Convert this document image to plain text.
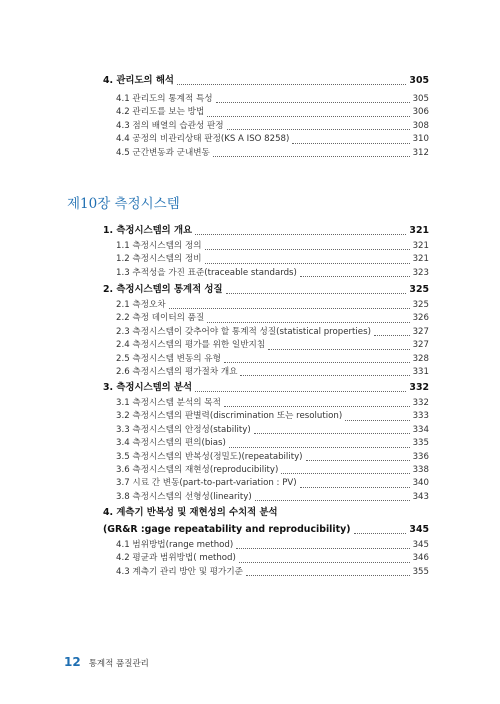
4. 관리도의 해석	305
4.1 관리도의 통계적 특성	305
4.2 관리도를 보는 방법	306
4.3 점의 배열의 습관성 판정	308
4.4 공정의 비관리상태 판정(KS A ISO 8258)	310
4.5 군간변동과 군내변동	312
제10장 측정시스템
1. 측정시스템의 개요	321
1.1 측정시스템의 정의	321
1.2 측정시스템의 정비	321
1.3 추적성을 가진 표준(traceable standards)	323
2. 측정시스템의 통계적 성질	325
2.1 측정오차	325
2.2 측정 데이터의 품질	326
2.3 측정시스템이 갖추어야 할 통계적 성질(statistical properties)	327
2.4 측정시스템의 평가를 위한 일반지침	327
2.5 측정시스템 변동의 유형	328
2.6 측정시스템의 평가절차 개요	331
3. 측정시스템의 분석	332
3.1 측정시스템 분석의 목적	332
3.2 측정시스템의 판별력(discrimination 또는 resolution)	333
3.3 측정시스템의 안정성(stability)	334
3.4 측정시스템의 편의(bias)	335
3.5 측정시스템의 반복성(정밀도)(repeatability)	336
3.6 측정시스템의 재현성(reproducibility)	338
3.7 시료 간 변동(part-to-part-variation : PV)	340
3.8 측정시스템의 선형성(linearity)	343
4. 계측기 반복성 및 재현성의 수치적 분석
(GR&R :gage repeatability and reproducibility)	345
4.1 범위방법(range method)	345
4.2 평균과 범위방법( method)	346
4.3 계측기 관리 방안 및 평가기준	355
12 통계적 품질관리
